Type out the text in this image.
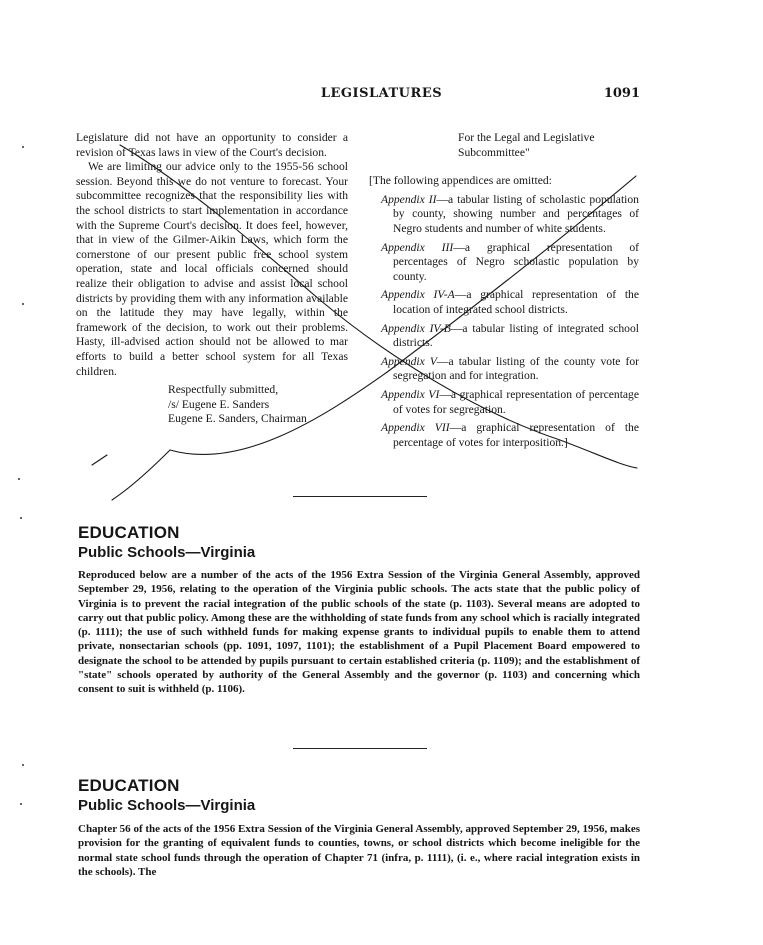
LEGISLATURES	1091

Legislature did not have an opportunity to consider a revision of Texas laws in view of the Court's decision.

We are limiting our advice only to the 1955-56 school session. Beyond this we do not venture to forecast. Your subcommittee recognizes that the responsibility lies with the school districts to start implementation in accordance with the Supreme Court's decision. It does feel, however, that in view of the Gilmer-Aikin Laws, which form the cornerstone of our present public free school system operation, state and local officials concerned should realize their obligation to advise and assist local school districts by providing them with any information available on the latitude they may have legally, within the framework of the decision, to work out their problems. Hasty, ill-advised action should not be allowed to mar efforts to build a better school system for all Texas children.

Respectfully submitted,
/s/ Eugene E. Sanders
Eugene E. Sanders, Chairman
For the Legal and Legislative
Subcommittee"
[The following appendices are omitted:
Appendix II—a tabular listing of scholastic population by county, showing number and percentages of Negro students and number of white students.
Appendix III—a graphical representation of percentages of Negro scholastic population by county.
Appendix IV-A—a graphical representation of the location of integrated school districts.
Appendix IV-B—a tabular listing of integrated school districts.
Appendix V—a tabular listing of the county vote for segregation and for integration.
Appendix VI—a graphical representation of percentage of votes for segregation.
Appendix VII—a graphical representation of the percentage of votes for interposition.]
EDUCATION
Public Schools—Virginia
Reproduced below are a number of the acts of the 1956 Extra Session of the Virginia General Assembly, approved September 29, 1956, relating to the operation of the Virginia public schools. The acts state that the public policy of Virginia is to prevent the racial integration of the public schools of the state (p. 1103). Several means are adopted to carry out that public policy. Among these are the withholding of state funds from any school which is racially integrated (p. 1111); the use of such withheld funds for making expense grants to individual pupils to enable them to attend private, nonsectarian schools (pp. 1091, 1097, 1101); the establishment of a Pupil Placement Board empowered to designate the school to be attended by pupils pursuant to certain established criteria (p. 1109); and the establishment of "state" schools operated by authority of the General Assembly and the governor (p. 1103) and concerning which consent to suit is withheld (p. 1106).
EDUCATION
Public Schools—Virginia
Chapter 56 of the acts of the 1956 Extra Session of the Virginia General Assembly, approved September 29, 1956, makes provision for the granting of equivalent funds to counties, towns, or school districts which become ineligible for the normal state school funds through the operation of Chapter 71 (infra, p. 1111), (i. e., where racial integration exists in the schools). The
